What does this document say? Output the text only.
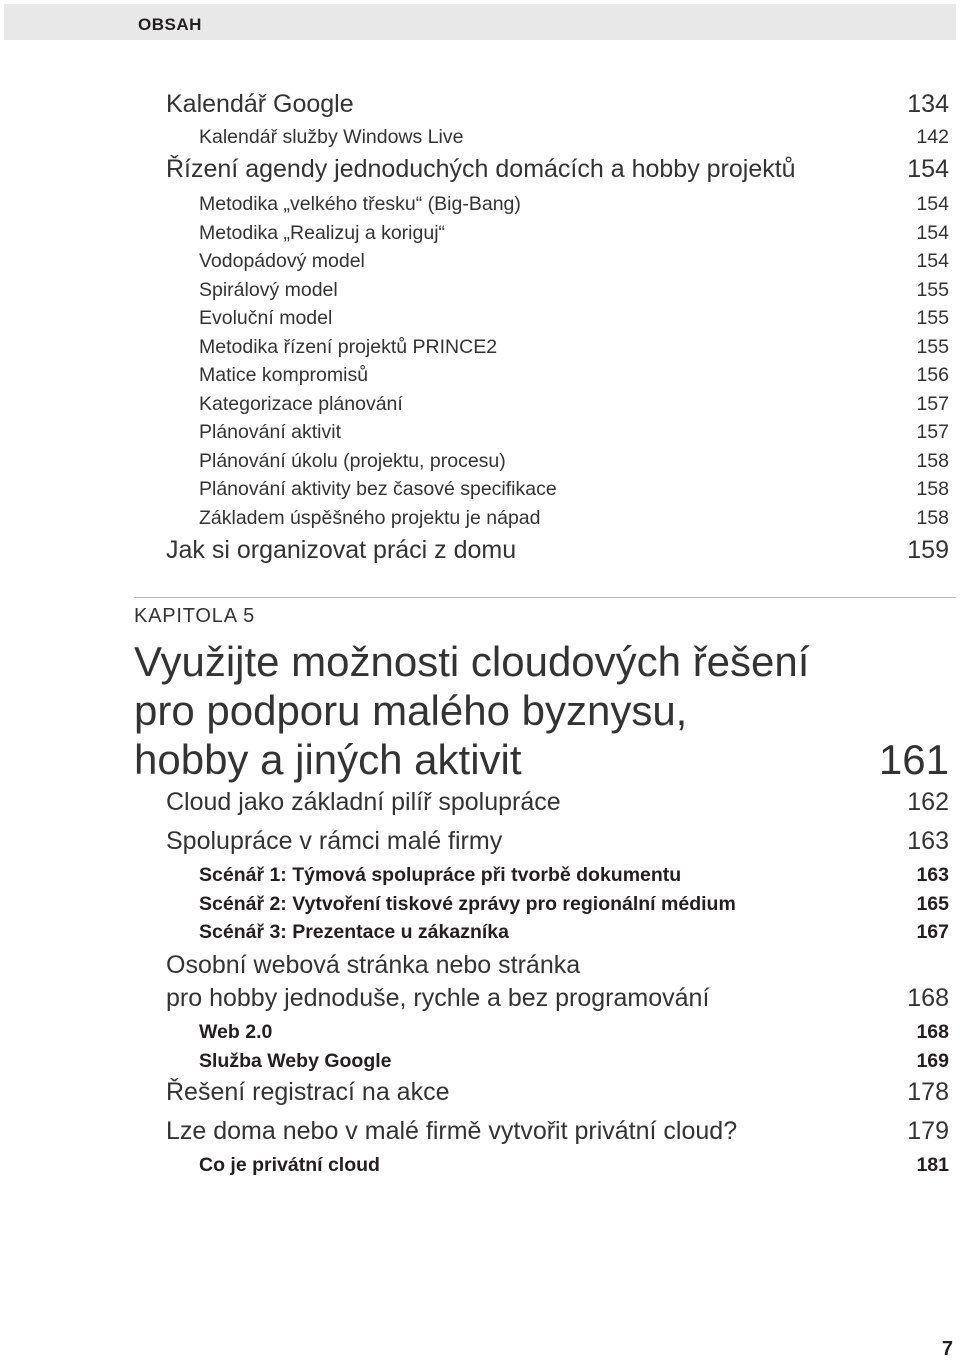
OBSAH
Kalendář Google	134
Kalendář služby Windows Live	142
Řízení agendy jednoduchých domácích a hobby projektů	154
Metodika „velkého třesku“ (Big-Bang)	154
Metodika „Realizuj a koriguj“	154
Vodopádový model	154
Spirálový model	155
Evoluční model	155
Metodika řízení projektů PRINCE2	155
Matice kompromisů	156
Kategorizace plánování	157
Plánování aktivit	157
Plánování úkolu (projektu, procesu)	158
Plánování aktivity bez časové specifikace	158
Základem úspěšného projektu je nápad	158
Jak si organizovat práci z domu	159
KAPITOLA 5
Využijte možnosti cloudových řešení
pro podporu malého byznysu,
hobby a jiných aktivit	161
Cloud jako základní pilíř spolupráce	162
Spolupráce v rámci malé firmy	163
Scénář 1: Týmová spolupráce při tvorbě dokumentu	163
Scénář 2: Vytvoření tiskové zprávy pro regionální médium	165
Scénář 3: Prezentace u zákazníka	167
Osobní webová stránka nebo stránka
pro hobby jednoduše, rychle a bez programování	168
Web 2.0	168
Služba Weby Google	169
Řešení registrací na akce	178
Lze doma nebo v malé firmě vytvořit privátní cloud?	179
Co je privátní cloud	181
7
